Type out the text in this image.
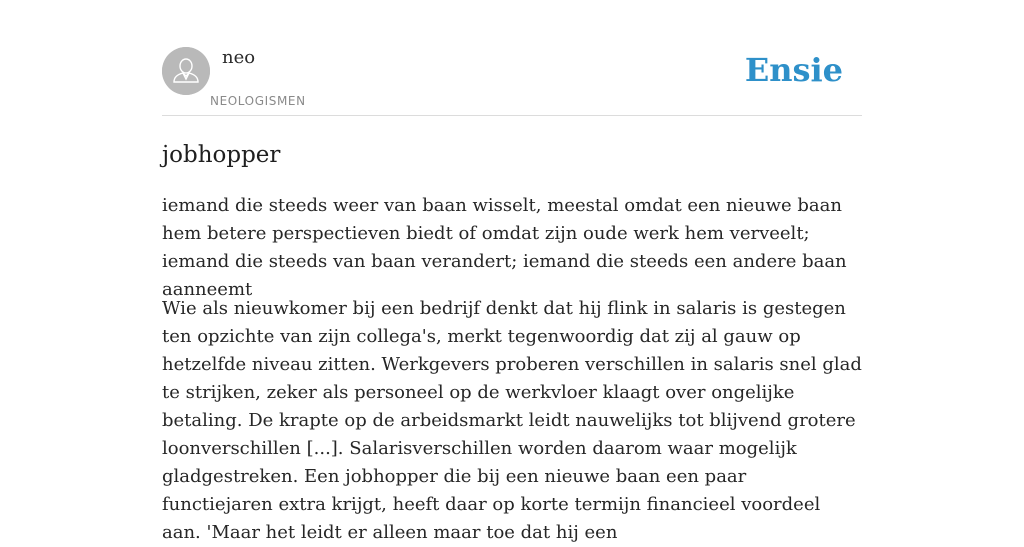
neo
NEOLOGISMEN
Ensie
jobhopper

iemand die steeds weer van baan wisselt, meestal omdat een nieuwe baan hem betere perspectieven biedt of omdat zijn oude werk hem verveelt; iemand die steeds van baan verandert; iemand die steeds een andere baan aanneemt

Wie als nieuwkomer bij een bedrijf denkt dat hij flink in salaris is gestegen ten opzichte van zijn collega's, merkt tegenwoordig dat zij al gauw op hetzelfde niveau zitten. Werkgevers proberen verschillen in salaris snel glad te strijken, zeker als personeel op de werkvloer klaagt over ongelijke betaling. De krapte op de arbeidsmarkt leidt nauwelijks tot blijvend grotere loonverschillen [...]. Salarisverschillen worden daarom waar mogelijk gladgestreken. Een jobhopper die bij een nieuwe baan een paar functiejaren extra krijgt, heeft daar op korte termijn financieel voordeel aan. 'Maar het leidt er alleen maar toe dat hij een
